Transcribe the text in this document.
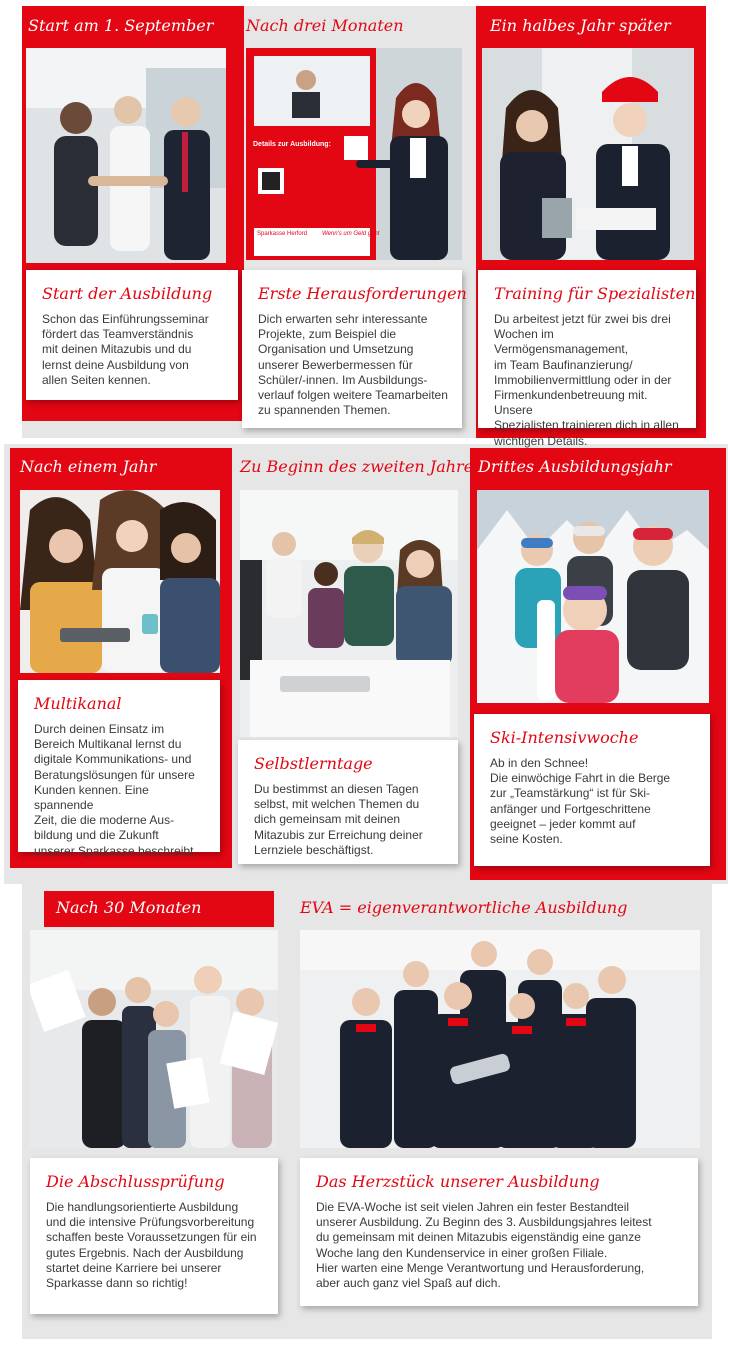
Start am 1. September Nach drei Monaten	Ein halbes Jahr später
Nach einem Jahr	Zu Beginn des zweiten Jahres
Drittes Ausbildungsjahr
Nach 30 Monaten	EVA = eigenverantwortliche Ausbildung
Details zur Ausbildung:
Sparkasse Herford Wenn's um Geld geht
Start der Ausbildung

Schon das Einführungsseminar
fördert das Teamverständnis
mit deinen Mitazubis und du
lernst deine Ausbildung von
allen Seiten kennen.

Erste Herausforderungen

Dich erwarten sehr interessante
Projekte, zum Beispiel die
Organisation und Umsetzung
unserer Bewerbermessen für
Schüler/-innen. Im Ausbildungs-
verlauf folgen weitere Teamarbeiten
zu spannenden Themen.

Training für Spezialisten

Du arbeitest jetzt für zwei bis drei
Wochen im Vermögensmanagement,
im Team Baufinanzierung/
Immobilienvermittlung oder in der
Firmenkundenbetreuung mit. Unsere
Spezialisten trainieren dich in allen
wichtigen Details.

Multikanal

Durch deinen Einsatz im
Bereich Multikanal lernst du
digitale Kommunikations- und
Beratungslösungen für unsere
Kunden kennen. Eine spannende
Zeit, die die moderne Aus-
bildung und die Zukunft
unserer Sparkasse beschreibt.

Selbstlerntage

Du bestimmst an diesen Tagen
selbst, mit welchen Themen du
dich gemeinsam mit deinen
Mitazubis zur Erreichung deiner
Lernziele beschäftigst.

Ski-Intensivwoche

Ab in den Schnee!
Die einwöchige Fahrt in die Berge
zur „Teamstärkung“ ist für Ski-
anfänger und Fortgeschrittene
geeignet – jeder kommt auf
seine Kosten.

Die Abschlussprüfung

Die handlungsorientierte Ausbildung
und die intensive Prüfungsvorbereitung
schaffen beste Voraussetzungen für ein
gutes Ergebnis. Nach der Ausbildung
startet deine Karriere bei unserer
Sparkasse dann so richtig!

Das Herzstück unserer Ausbildung

Die EVA-Woche ist seit vielen Jahren ein fester Bestandteil
unserer Ausbildung. Zu Beginn des 3. Ausbildungsjahres leitest
du gemeinsam mit deinen Mitazubis eigenständig eine ganze
Woche lang den Kundenservice in einer großen Filiale.
Hier warten eine Menge Verantwortung und Herausforderung,
aber auch ganz viel Spaß auf dich.
